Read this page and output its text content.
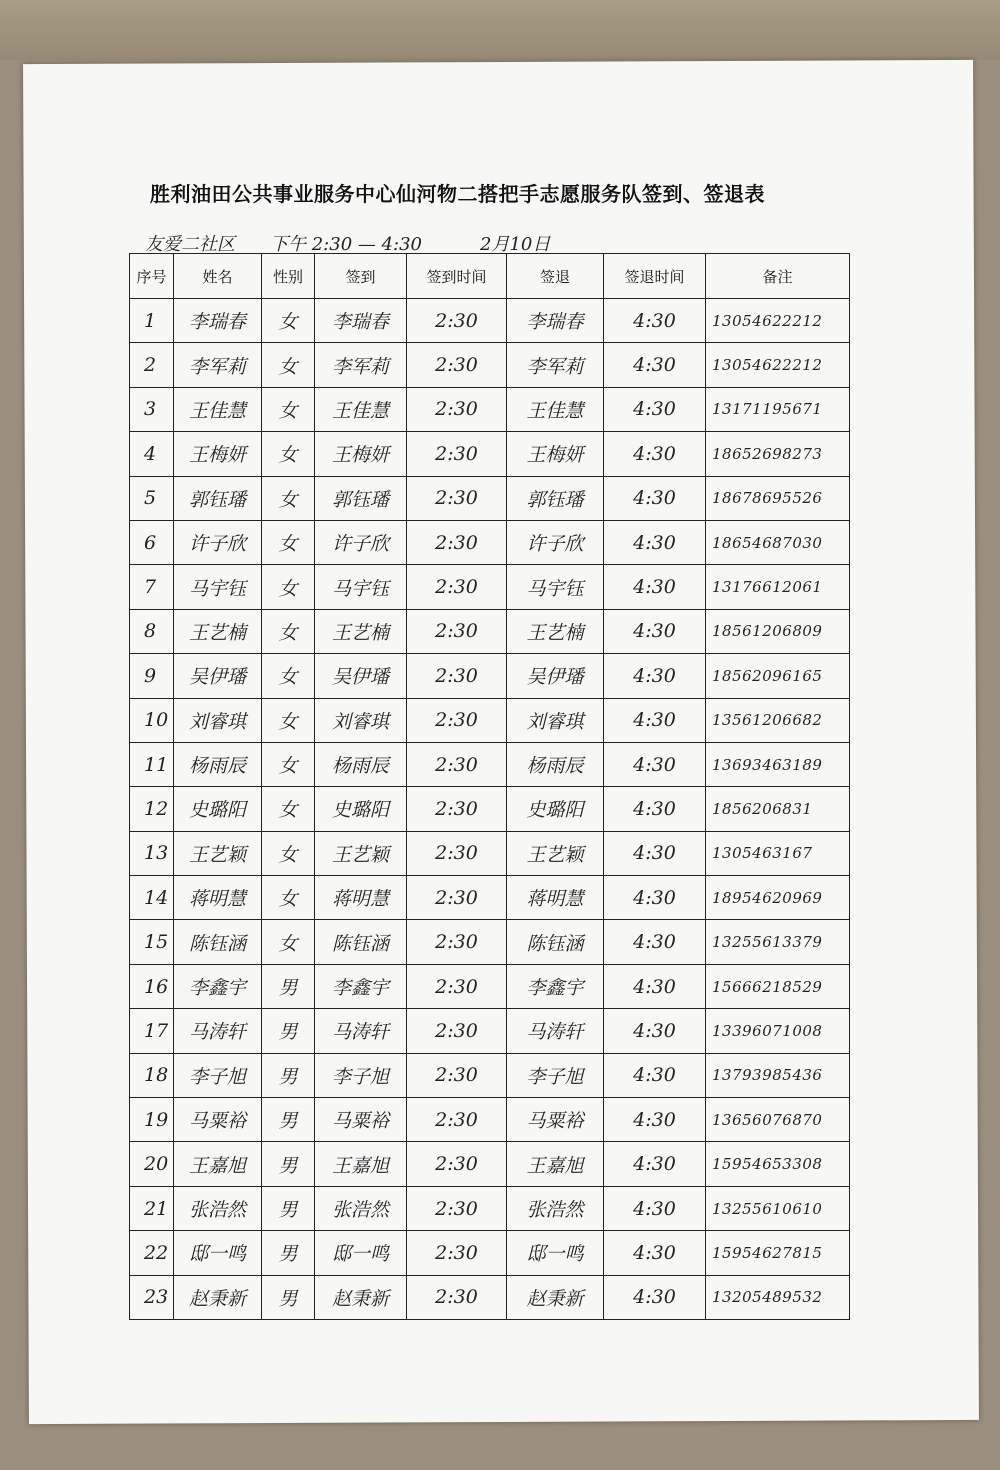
胜利油田公共事业服务中心仙河物二搭把手志愿服务队签到、签退表
友爱二社区 下午 2:30 — 4:30	2月10日
序号	姓名	性别	签到	签到时间	签退	签退时间	备注
1	李瑞春	女	李瑞春	2:30	李瑞春	4:30	13054622212
2	李军莉	女	李军莉	2:30	李军莉	4:30	13054622212
3	王佳慧	女	王佳慧	2:30	王佳慧	4:30	13171195671
4	王梅妍	女	王梅妍	2:30	王梅妍	4:30	18652698273
5	郭钰璠	女	郭钰璠	2:30	郭钰璠	4:30	18678695526
6	许子欣	女	许子欣	2:30	许子欣	4:30	18654687030
7	马宇钰	女	马宇钰	2:30	马宇钰	4:30	13176612061
8	王艺楠	女	王艺楠	2:30	王艺楠	4:30	18561206809
9	吴伊璠	女	吴伊璠	2:30	吴伊璠	4:30	18562096165
10	刘睿琪	女	刘睿琪	2:30	刘睿琪	4:30	13561206682
11	杨雨辰	女	杨雨辰	2:30	杨雨辰	4:30	13693463189
12	史璐阳	女	史璐阳	2:30	史璐阳	4:30	1856206831
13	王艺颖	女	王艺颖	2:30	王艺颖	4:30	1305463167
14	蒋明慧	女	蒋明慧	2:30	蒋明慧	4:30	18954620969
15	陈钰涵	女	陈钰涵	2:30	陈钰涵	4:30	13255613379
16	李鑫宇	男	李鑫宇	2:30	李鑫宇	4:30	15666218529
17	马涛轩	男	马涛轩	2:30	马涛轩	4:30	13396071008
18	李子旭	男	李子旭	2:30	李子旭	4:30	13793985436
19	马粟裕	男	马粟裕	2:30	马粟裕	4:30	13656076870
20	王嘉旭	男	王嘉旭	2:30	王嘉旭	4:30	15954653308
21	张浩然	男	张浩然	2:30	张浩然	4:30	13255610610
22	邸一鸣	男	邸一鸣	2:30	邸一鸣	4:30	15954627815
23	赵秉新	男	赵秉新	2:30	赵秉新	4:30	13205489532
